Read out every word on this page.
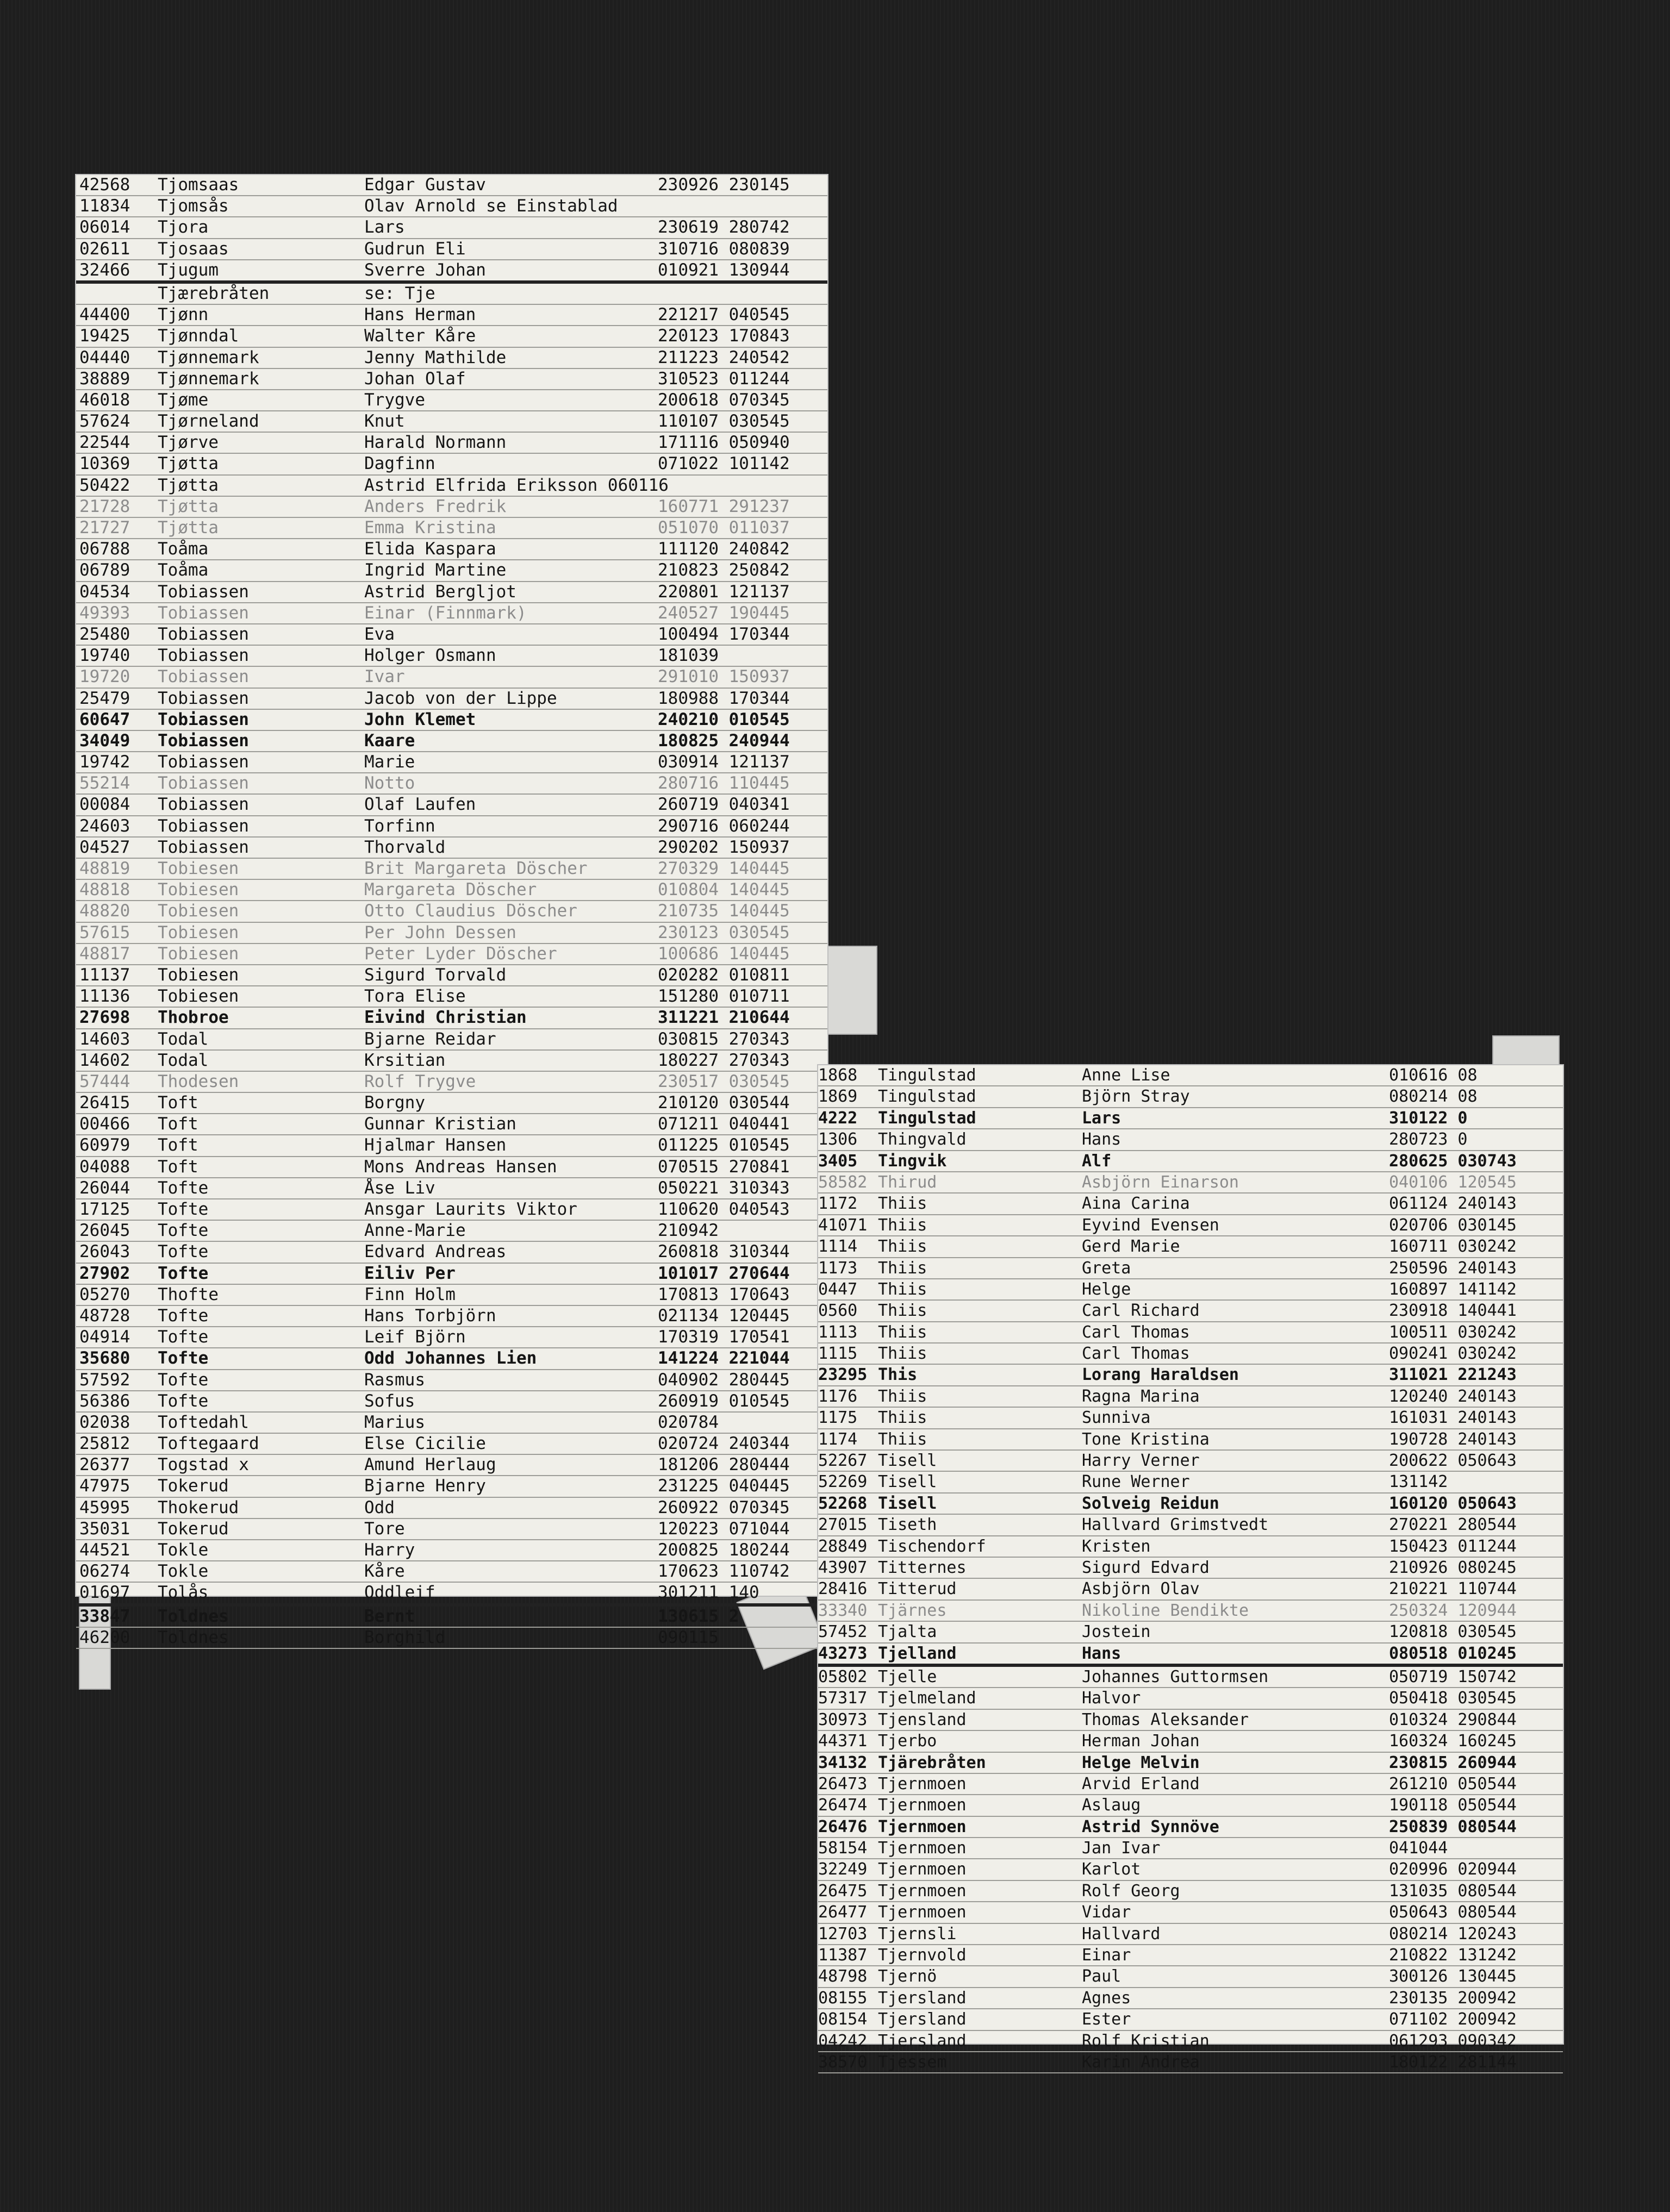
42568 Tjomsaas	Edgar Gustav	230926 230145
11834 Tjomsås	Olav Arnold se Einstablad
06014 Tjora	Lars	230619 280742
02611 Tjosaas	Gudrun Eli	310716 080839
32466 Tjugum	Sverre Johan	010921 130944
Tjærebråten	se: Tje
44400 Tjønn	Hans Herman	221217 040545
19425 Tjønndal	Walter Kåre	220123 170843
04440 Tjønnemark	Jenny Mathilde	211223 240542
38889 Tjønnemark	Johan Olaf	310523 011244
46018 Tjøme	Trygve	200618 070345
57624 Tjørneland	Knut	110107 030545
22544 Tjørve	Harald Normann	171116 050940
10369 Tjøtta	Dagfinn	071022 101142
50422 Tjøtta	Astrid Elfrida Eriksson 060116
21728 Tjøtta	Anders Fredrik	160771 291237
21727 Tjøtta	Emma Kristina	051070 011037
06788 Toåma	Elida Kaspara	111120 240842
06789 Toåma	Ingrid Martine	210823 250842
04534 Tobiassen	Astrid Bergljot	220801 121137
49393 Tobiassen	Einar (Finnmark)	240527 190445
25480 Tobiassen	Eva	100494 170344
19740 Tobiassen	Holger Osmann	181039
19720 Tobiassen	Ivar	291010 150937
25479 Tobiassen	Jacob von der Lippe	180988 170344
60647 Tobiassen	John Klemet	240210 010545
34049 Tobiassen	Kaare	180825 240944
19742 Tobiassen	Marie	030914 121137
55214 Tobiassen	Notto	280716 110445
00084 Tobiassen	Olaf Laufen	260719 040341
24603 Tobiassen	Torfinn	290716 060244
04527 Tobiassen	Thorvald	290202 150937
48819 Tobiesen	Brit Margareta Döscher	270329 140445
48818 Tobiesen	Margareta Döscher	010804 140445
48820 Tobiesen	Otto Claudius Döscher	210735 140445
57615 Tobiesen	Per John Dessen	230123 030545
48817 Tobiesen	Peter Lyder Döscher	100686 140445
11137 Tobiesen	Sigurd Torvald	020282 010811
11136 Tobiesen	Tora Elise	151280 010711
27698 Thobroe	Eivind Christian	311221 210644
14603 Todal	Bjarne Reidar	030815 270343
14602 Todal	Krsitian	180227 270343
57444 Thodesen	Rolf Trygve	230517 030545
26415 Toft	Borgny	210120 030544
00466 Toft	Gunnar Kristian	071211 040441
60979 Toft	Hjalmar Hansen	011225 010545
04088 Toft	Mons Andreas Hansen	070515 270841
26044 Tofte	Åse Liv	050221 310343
17125 Tofte	Ansgar Laurits Viktor	110620 040543
26045 Tofte	Anne-Marie	210942
26043 Tofte	Edvard Andreas	260818 310344
27902 Tofte	Eiliv Per	101017 270644
05270 Thofte	Finn Holm	170813 170643
48728 Tofte	Hans Torbjörn	021134 120445
04914 Tofte	Leif Björn	170319 170541
35680 Tofte	Odd Johannes Lien	141224 221044
57592 Tofte	Rasmus	040902 280445
56386 Tofte	Sofus	260919 010545
02038 Toftedahl	Marius	020784
25812 Toftegaard	Else Cicilie	020724 240344
26377 Togstad x	Amund Herlaug	181206 280444
47975 Tokerud	Bjarne Henry	231225 040445
45995 Thokerud	Odd	260922 070345
35031 Tokerud	Tore	120223 071044
44521 Tokle	Harry	200825 180244
06274 Tokle	Kåre	170623 110742
01697 Tolås	Oddleif	301211 140
33847 Toldnes	Bernt	130615 2
46200 Toldnes	Borghild	090115
1868 Tingulstad	Anne Lise	010616 08
1869 Tingulstad	Björn Stray	080214 08
4222 Tingulstad	Lars	310122 0
1306 Thingvald	Hans	280723 0
3405 Tingvik	Alf	280625 030743
58582 Thirud	Asbjörn Einarson	040106 120545
1172 Thiis	Aina Carina	061124 240143
41071 Thiis	Eyvind Evensen	020706 030145
1114 Thiis	Gerd Marie	160711 030242
1173 Thiis	Greta	250596 240143
0447 Thiis	Helge	160897 141142
0560 Thiis	Carl Richard	230918 140441
1113 Thiis	Carl Thomas	100511 030242
1115 Thiis	Carl Thomas	090241 030242
23295 This	Lorang Haraldsen	311021 221243
1176 Thiis	Ragna Marina	120240 240143
1175 Thiis	Sunniva	161031 240143
1174 Thiis	Tone Kristina	190728 240143
52267 Tisell	Harry Verner	200622 050643
52269 Tisell	Rune Werner	131142
52268 Tisell	Solveig Reidun	160120 050643
27015 Tiseth	Hallvard Grimstvedt	270221 280544
28849 Tischendorf	Kristen	150423 011244
43907 Titternes	Sigurd Edvard	210926 080245
28416 Titterud	Asbjörn Olav	210221 110744
33340 Tjärnes	Nikoline Bendikte	250324 120944
57452 Tjalta	Jostein	120818 030545
43273 Tjelland	Hans	080518 010245
05802 Tjelle	Johannes Guttormsen	050719 150742
57317 Tjelmeland	Halvor	050418 030545
30973 Tjensland	Thomas Aleksander	010324 290844
44371 Tjerbo	Herman Johan	160324 160245
34132 Tjärebråten	Helge Melvin	230815 260944
26473 Tjernmoen	Arvid Erland	261210 050544
26474 Tjernmoen	Aslaug	190118 050544
26476 Tjernmoen	Astrid Synnöve	250839 080544
58154 Tjernmoen	Jan Ivar	041044
32249 Tjernmoen	Karlot	020996 020944
26475 Tjernmoen	Rolf Georg	131035 080544
26477 Tjernmoen	Vidar	050643 080544
12703 Tjernsli	Hallvard	080214 120243
11387 Tjernvold	Einar	210822 131242
48798 Tjernö	Paul	300126 130445
08155 Tjersland	Agnes	230135 200942
08154 Tjersland	Ester	071102 200942
04242 Tjersland	Rolf Kristian	061293 090342
38570 Tjessem	Karin Andrea	180122 281144
